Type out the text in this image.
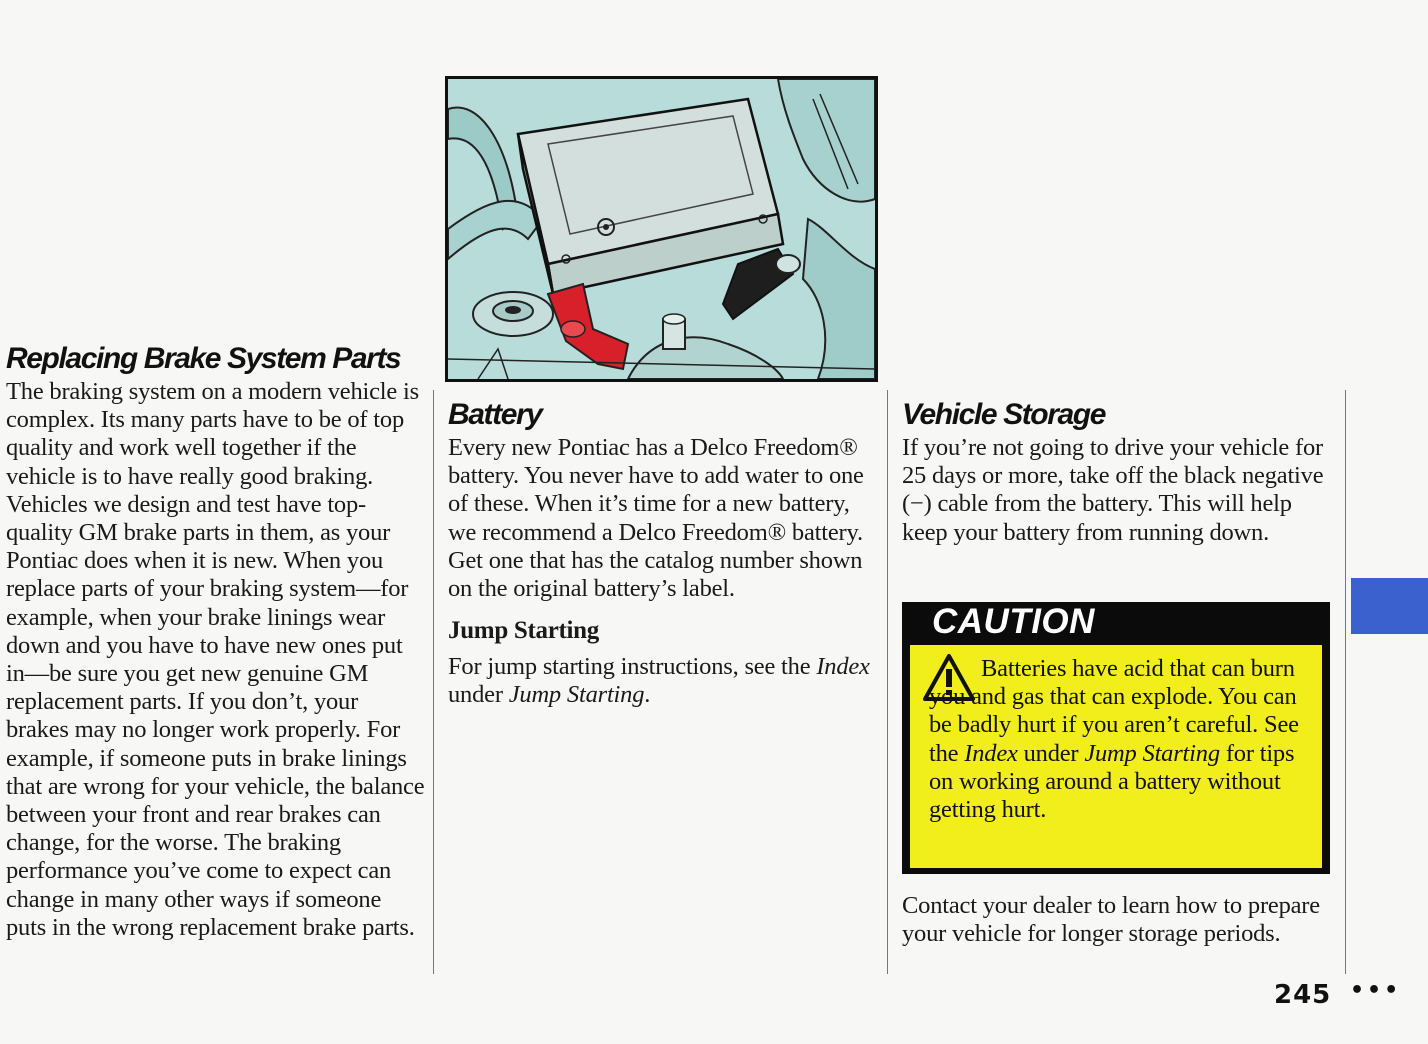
Replacing Brake System Parts

The braking system on a modern vehicle is complex. Its many parts have to be of top quality and work well together if the vehicle is to have really good braking. Vehicles we design and test have top-quality GM brake parts in them, as your Pontiac does when it is new. When you replace parts of your braking system—for example, when your brake linings wear down and you have to have new ones put in—be sure you get new genuine GM replacement parts. If you don’t, your brakes may no longer work properly. For example, if someone puts in brake linings that are wrong for your vehicle, the balance between your front and rear brakes can change, for the worse. The braking performance you’ve come to expect can change in many other ways if someone puts in the wrong replacement brake parts.

Battery

Every new Pontiac has a Delco Freedom® battery. You never have to add water to one of these. When it’s time for a new battery, we recommend a Delco Freedom® battery. Get one that has the catalog number shown on the original battery’s label.

Jump Starting

For jump starting instructions, see the Index under Jump Starting.

Vehicle Storage

If you’re not going to drive your vehicle for 25 days or more, take off the black negative (−) cable from the battery. This will help keep your battery from running down.

CAUTION
Batteries have acid that can burn you and gas that can explode. You can be badly hurt if you aren’t careful. See the Index under Jump Starting for tips on working around a battery without getting hurt.

Contact your dealer to learn how to prepare your vehicle for longer storage periods.

245 •••
